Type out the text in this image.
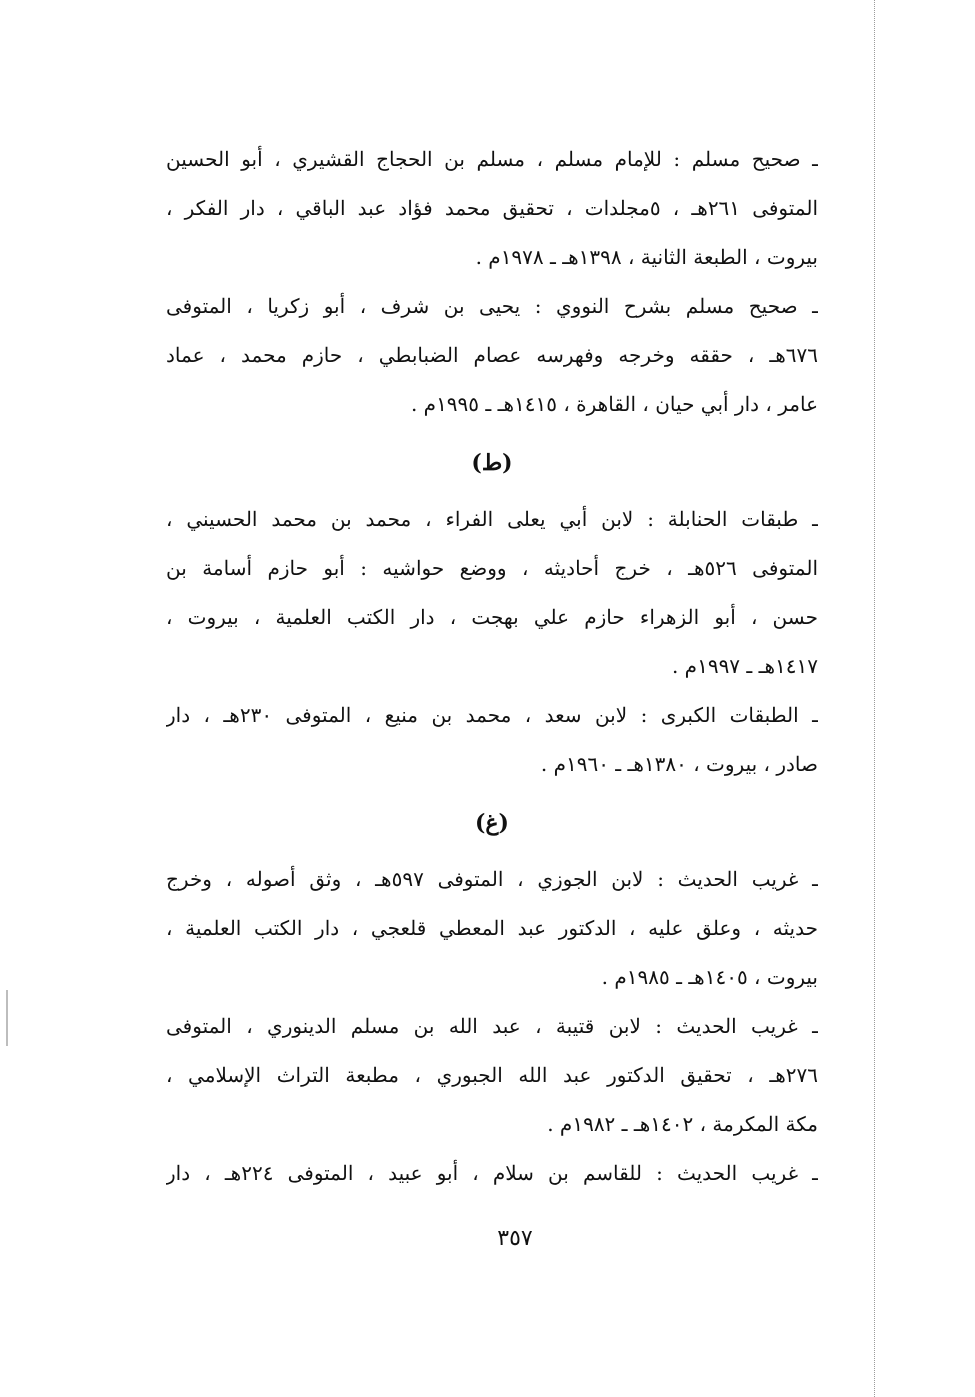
ـ صحيح مسلم : للإمام مسلم ، مسلم بن الحجاج القشيري ، أبو الحسين
المتوفى ٢٦١هـ ، ٥مجلدات ، تحقيق محمد فؤاد عبد الباقي ، دار الفكر ،
بيروت ، الطبعة الثانية ، ١٣٩٨هـ ـ ١٩٧٨م .
ـ صحيح مسلم بشرح النووي : يحيى بن شرف ، أبو زكريا ، المتوفى
٦٧٦هـ ، حققه وخرجه وفهرسه عصام الضبابطي ، حازم محمد ، عماد
عامر ، دار أبي حيان ، القاهرة ، ١٤١٥هـ ـ ١٩٩٥م .
(ط)
ـ طبقات الحنابلة : لابن أبي يعلى الفراء ، محمد بن محمد الحسيني ،
المتوفى ٥٢٦هـ ، خرج أحاديثه ، ووضع حواشيه : أبو حازم أسامة بن
حسن ، أبو الزهراء حازم علي بهجت ، دار الكتب العلمية ، بيروت ،
١٤١٧هـ ـ ١٩٩٧م .
ـ الطبقات الكبرى : لابن سعد ، محمد بن منيع ، المتوفى ٢٣٠هـ ، دار
صادر ، بيروت ، ١٣٨٠هـ ـ ١٩٦٠م .
(غ)
ـ غريب الحديث : لابن الجوزي ، المتوفى ٥٩٧هـ ، وثق أصوله ، وخرج
حديثه ، وعلق عليه ، الدكتور عبد المعطي قلعجي ، دار الكتب العلمية ،
بيروت ، ١٤٠٥هـ ـ ١٩٨٥م .
ـ غريب الحديث : لابن قتيبة ، عبد الله بن مسلم الدينوري ، المتوفى
٢٧٦هـ ، تحقيق الدكتور عبد الله الجبوري ، مطبعة التراث الإسلامي ،
مكة المكرمة ، ١٤٠٢هـ ـ ١٩٨٢م .
ـ غريب الحديث : للقاسم بن سلام ، أبو عبيد ، المتوفى ٢٢٤هـ ، دار
٣٥٧
